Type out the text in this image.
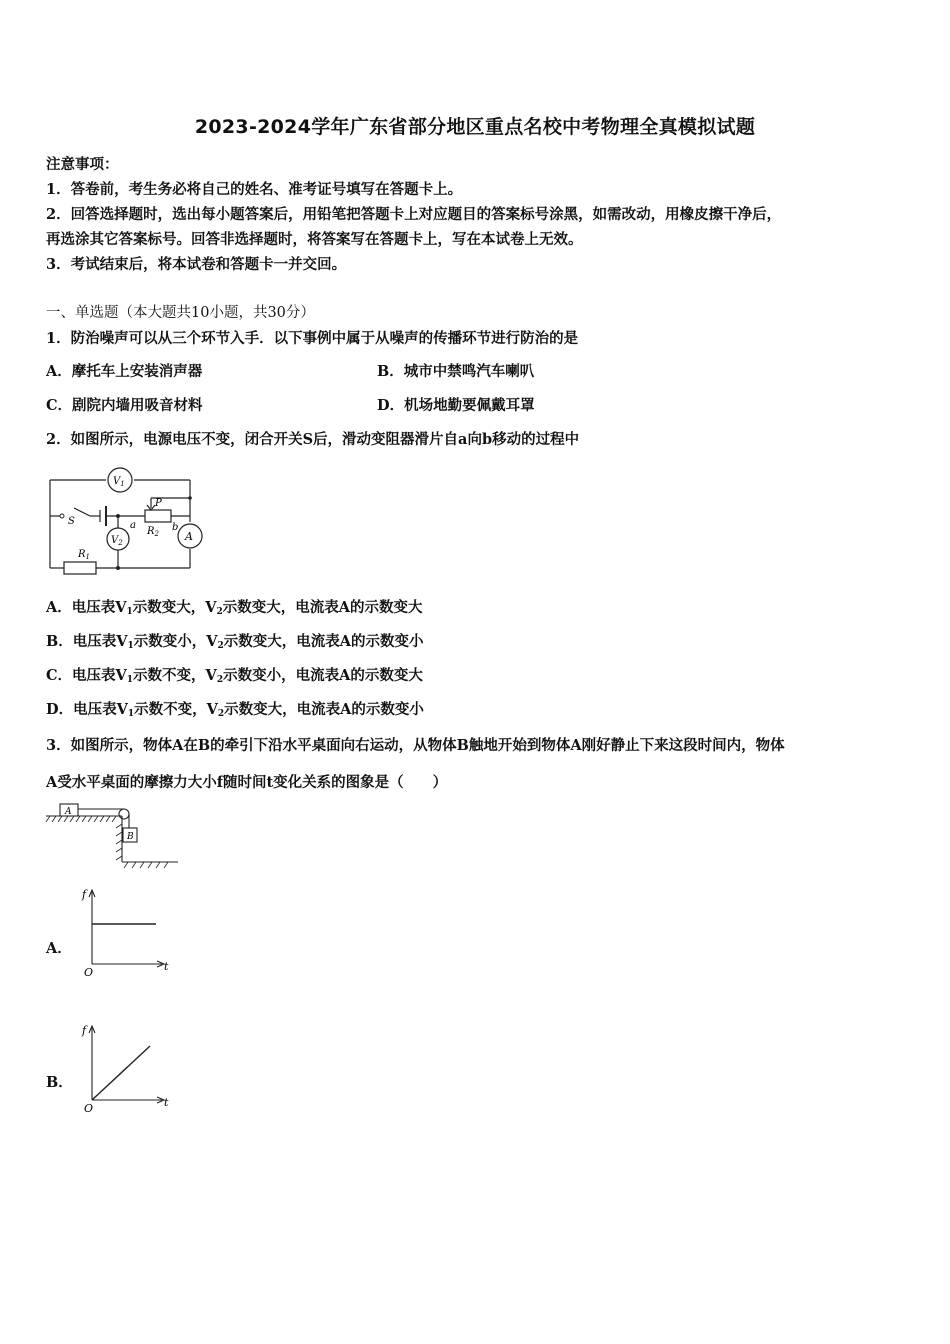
2023-2024学年广东省部分地区重点名校中考物理全真模拟试题
注意事项：
1．答卷前，考生务必将自己的姓名、准考证号填写在答题卡上。
2．回答选择题时，选出每小题答案后，用铅笔把答题卡上对应题目的答案标号涂黑，如需改动，用橡皮擦干净后，
再选涂其它答案标号。回答非选择题时，将答案写在答题卡上，写在本试卷上无效。
3．考试结束后，将本试卷和答题卡一并交回。
一、单选题（本大题共10小题，共30分）
1．防治噪声可以从三个环节入手．以下事例中属于从噪声的传播环节进行防治的是
A．摩托车上安装消声器	B．城市中禁鸣汽车喇叭
C．剧院内墙用吸音材料	D．机场地勤要佩戴耳罩
2．如图所示，电源电压不变，闭合开关S后，滑动变阻器滑片自a向b移动的过程中
$V_1$
$V_2$	A
S
P
$R_2$
$R_1$
a	b
A．电压表$V_1$示数变大，$V_2$示数变大，电流表A的示数变大
B．电压表$V_1$示数变小，$V_2$示数变大，电流表A的示数变小
C．电压表$V_1$示数不变，$V_2$示数变小，电流表A的示数变大
D．电压表$V_1$示数不变，$V_2$示数变大，电流表A的示数变小
3．如图所示，物体A在B的牵引下沿水平桌面向右运动，从物体B触地开始到物体A刚好静止下来这段时间内，物体
A受水平桌面的摩擦力大小f随时间t变化关系的图象是（　　）
A
B
A．
f
t
O
B．
f
t
O
